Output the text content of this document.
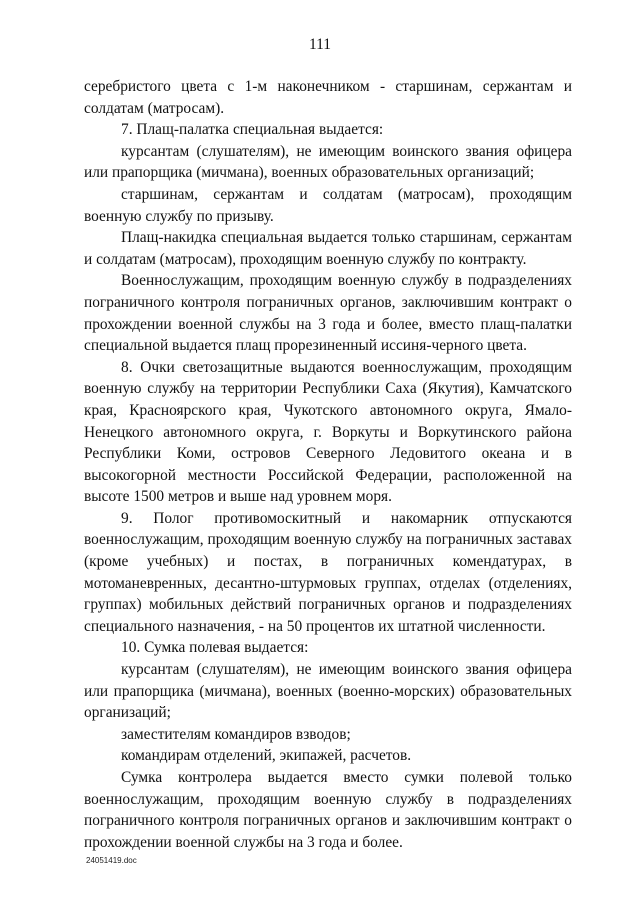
111

серебристого цвета с 1-м наконечником - старшинам, сержантам и солдатам (матросам).

7. Плащ-палатка специальная выдается:

курсантам (слушателям), не имеющим воинского звания офицера или прапорщика (мичмана), военных образовательных организаций;

старшинам, сержантам и солдатам (матросам), проходящим военную службу по призыву.

Плащ-накидка специальная выдается только старшинам, сержантам и солдатам (матросам), проходящим военную службу по контракту.

Военнослужащим, проходящим военную службу в подразделениях пограничного контроля пограничных органов, заключившим контракт о прохождении военной службы на 3 года и более, вместо плащ-палатки специальной выдается плащ прорезиненный иссиня-черного цвета.

8. Очки светозащитные выдаются военнослужащим, проходящим военную службу на территории Республики Саха (Якутия), Камчатского края, Красноярского края, Чукотского автономного округа, Ямало-Ненецкого автономного округа, г. Воркуты и Воркутинского района Республики Коми, островов Северного Ледовитого океана и в высокогорной местности Российской Федерации, расположенной на высоте 1500 метров и выше над уровнем моря.

9. Полог противомоскитный и накомарник отпускаются военнослужащим, проходящим военную службу на пограничных заставах (кроме учебных) и постах, в пограничных комендатурах, в мотоманевренных, десантно-штурмовых группах, отделах (отделениях, группах) мобильных действий пограничных органов и подразделениях специального назначения, - на 50 процентов их штатной численности.

10. Сумка полевая выдается:

курсантам (слушателям), не имеющим воинского звания офицера или прапорщика (мичмана), военных (военно-морских) образовательных организаций;

заместителям командиров взводов;

командирам отделений, экипажей, расчетов.

Сумка контролера выдается вместо сумки полевой только военнослужащим, проходящим военную службу в подразделениях пограничного контроля пограничных органов и заключившим контракт о прохождении военной службы на 3 года и более.

24051419.doc
